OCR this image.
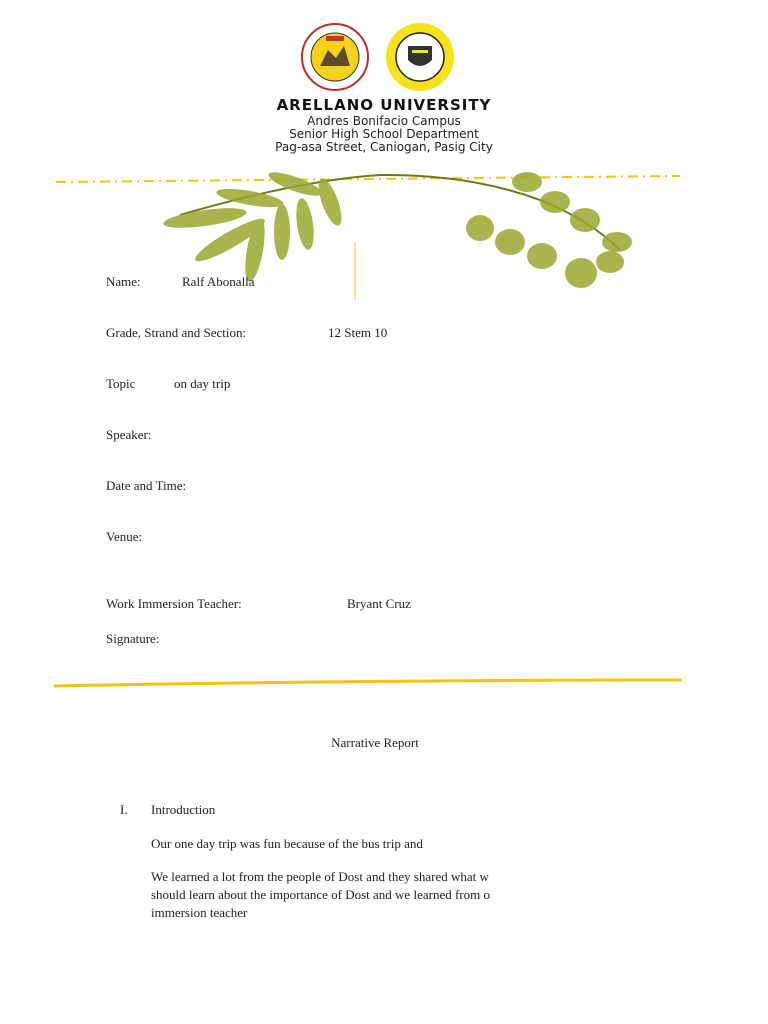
ARELLANO UNIVERSITY
Andres Bonifacio Campus
Senior High School Department
Pag-asa Street, Caniogan, Pasig City
Name:	Ralf Abonalla
Grade, Strand and Section:	12 Stem 10
Topic	on day trip
Speaker:
Date and Time:
Venue:
Work Immersion Teacher:	Bryant Cruz
Signature:
Narrative Report
I. Introduction
Our one day trip was fun because of the bus trip and
We learned a lot from the people of Dost and they shared what w
should learn about the importance of Dost and we learned from o
immersion teacher
